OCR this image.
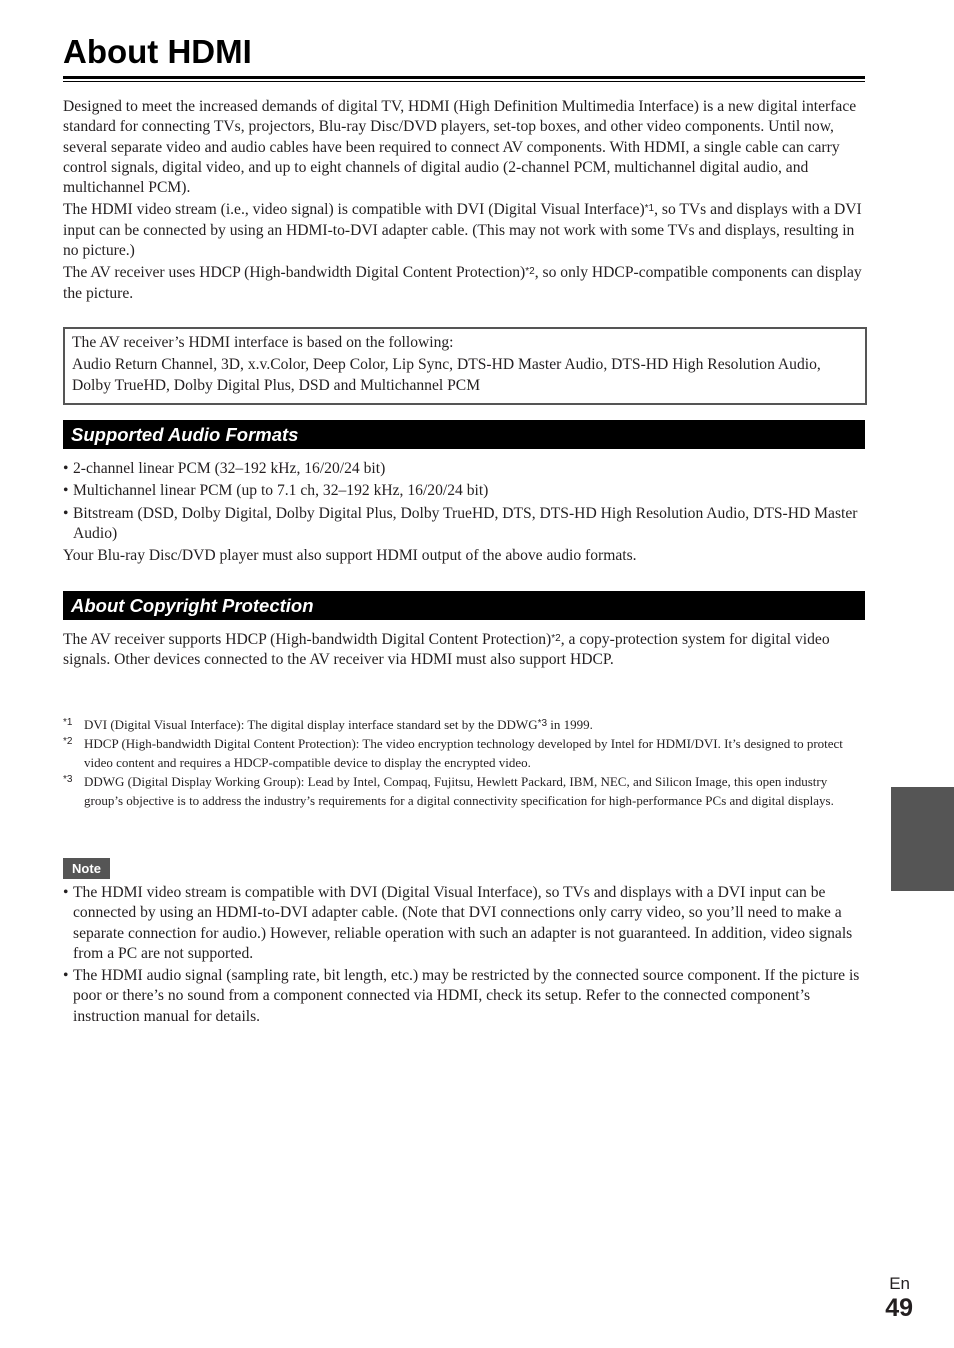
About HDMI

Designed to meet the increased demands of digital TV, HDMI (High Definition Multimedia Interface) is a new digital interface standard for connecting TVs, projectors, Blu-ray Disc/DVD players, set-top boxes, and other video components. Until now, several separate video and audio cables have been required to connect AV components. With HDMI, a single cable can carry control signals, digital video, and up to eight channels of digital audio (2-channel PCM, multichannel digital audio, and multichannel PCM).

The HDMI video stream (i.e., video signal) is compatible with DVI (Digital Visual Interface)$^{*1}$, so TVs and displays with a DVI input can be connected by using an HDMI-to-DVI adapter cable. (This may not work with some TVs and displays, resulting in no picture.)

The AV receiver uses HDCP (High-bandwidth Digital Content Protection)$^{*2}$, so only HDCP-compatible components can display the picture.

The AV receiver’s HDMI interface is based on the following:

Audio Return Channel, 3D, x.v.Color, Deep Color, Lip Sync, DTS-HD Master Audio, DTS-HD High Resolution Audio, Dolby TrueHD, Dolby Digital Plus, DSD and Multichannel PCM

Supported Audio Formats
• 2-channel linear PCM (32–192 kHz, 16/20/24 bit)
• Multichannel linear PCM (up to 7.1 ch, 32–192 kHz, 16/20/24 bit)
• Bitstream (DSD, Dolby Digital, Dolby Digital Plus, Dolby TrueHD, DTS, DTS-HD High Resolution Audio, DTS-HD Master Audio)

Your Blu-ray Disc/DVD player must also support HDMI output of the above audio formats.

About Copyright Protection

The AV receiver supports HDCP (High-bandwidth Digital Content Protection)$^{*2}$, a copy-protection system for digital video signals. Other devices connected to the AV receiver via HDMI must also support HDCP.

*1 DVI (Digital Visual Interface): The digital display interface standard set by the DDWG$^{*3}$ in 1999.
*2 HDCP (High-bandwidth Digital Content Protection): The video encryption technology developed by Intel for HDMI/DVI. It’s designed to protect video content and requires a HDCP-compatible device to display the encrypted video.
*3 DDWG (Digital Display Working Group): Lead by Intel, Compaq, Fujitsu, Hewlett Packard, IBM, NEC, and Silicon Image, this open industry group’s objective is to address the industry’s requirements for a digital connectivity specification for high-performance PCs and digital displays.
Note
• The HDMI video stream is compatible with DVI (Digital Visual Interface), so TVs and displays with a DVI input can be connected by using an HDMI-to-DVI adapter cable. (Note that DVI connections only carry video, so you’ll need to make a separate connection for audio.) However, reliable operation with such an adapter is not guaranteed. In addition, video signals from a PC are not supported.
• The HDMI audio signal (sampling rate, bit length, etc.) may be restricted by the connected source component. If the picture is poor or there’s no sound from a component connected via HDMI, check its setup. Refer to the connected component’s instruction manual for details.
En
49
